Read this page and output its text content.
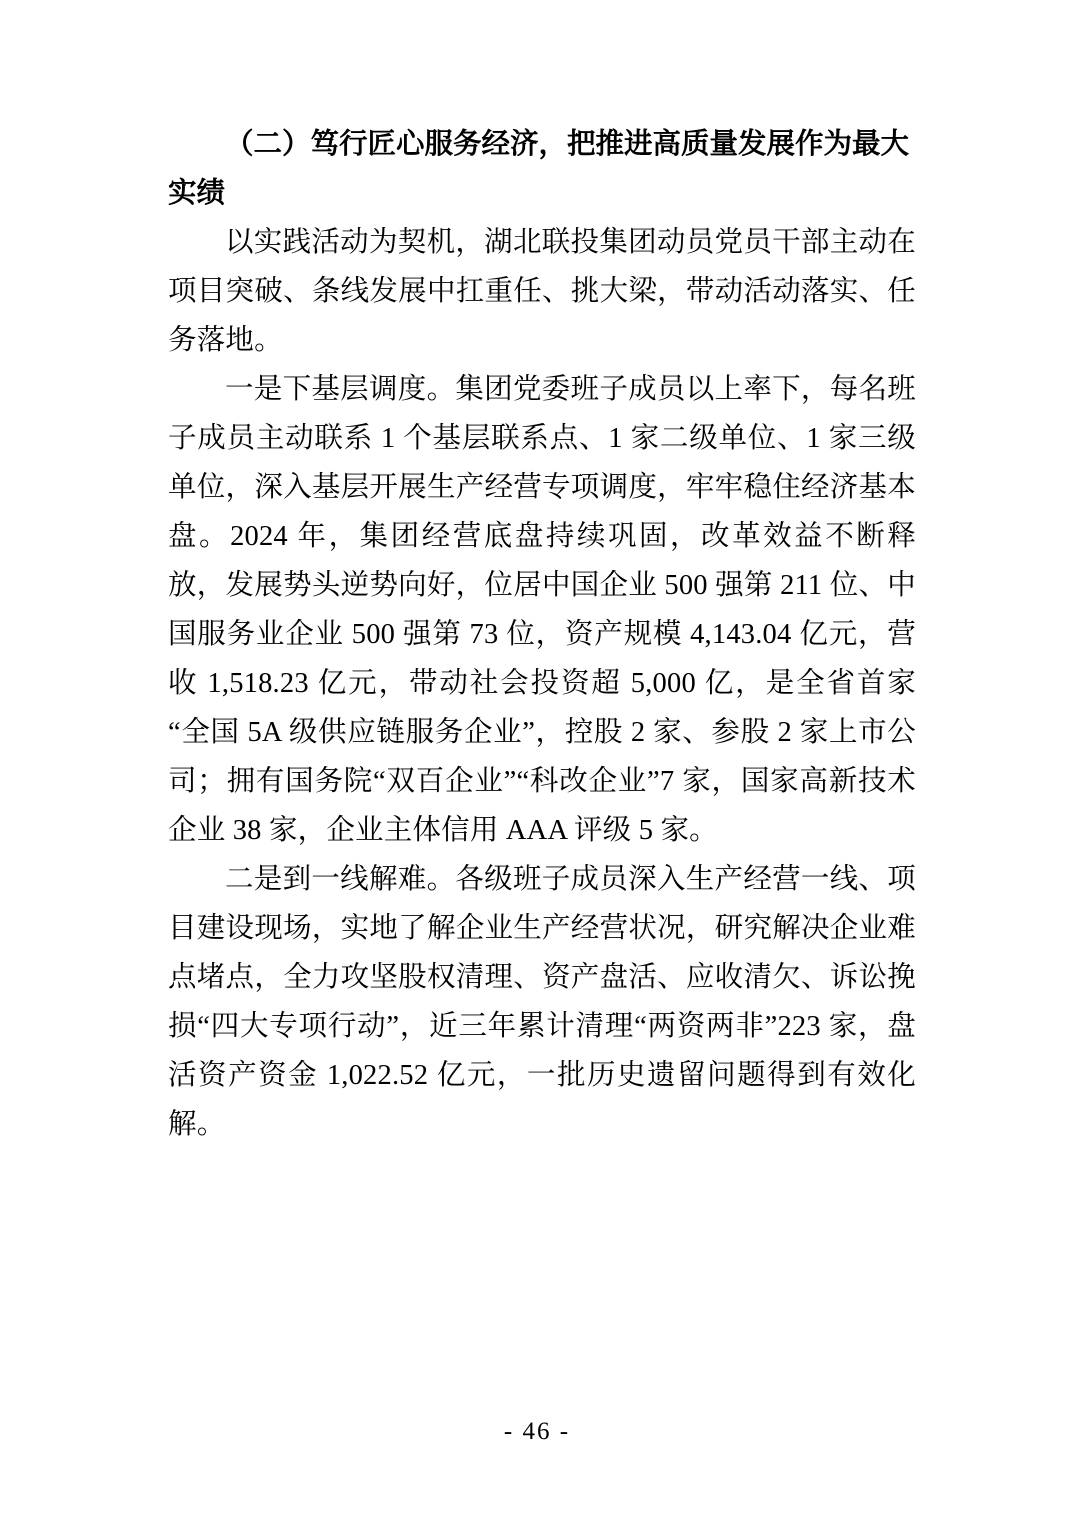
（二）笃行匠心服务经济，把推进高质量发展作为最大实绩

以实践活动为契机，湖北联投集团动员党员干部主动在项目突破、条线发展中扛重任、挑大梁，带动活动落实、任务落地。

一是下基层调度。集团党委班子成员以上率下，每名班子成员主动联系 1 个基层联系点、1 家二级单位、1 家三级单位，深入基层开展生产经营专项调度，牢牢稳住经济基本盘。2024 年，集团经营底盘持续巩固，改革效益不断释放，发展势头逆势向好，位居中国企业 500 强第 211 位、中国服务业企业 500 强第 73 位，资产规模 4,143.04 亿元，营收 1,518.23 亿元，带动社会投资超 5,000 亿，是全省首家“全国 5A 级供应链服务企业”，控股 2 家、参股 2 家上市公司；拥有国务院“双百企业”“科改企业”7 家，国家高新技术企业 38 家，企业主体信用 AAA 评级 5 家。

二是到一线解难。各级班子成员深入生产经营一线、项目建设现场，实地了解企业生产经营状况，研究解决企业难点堵点，全力攻坚股权清理、资产盘活、应收清欠、诉讼挽损“四大专项行动”，近三年累计清理“两资两非”223 家，盘活资产资金 1,022.52 亿元，一批历史遗留问题得到有效化解。

- 46 -
